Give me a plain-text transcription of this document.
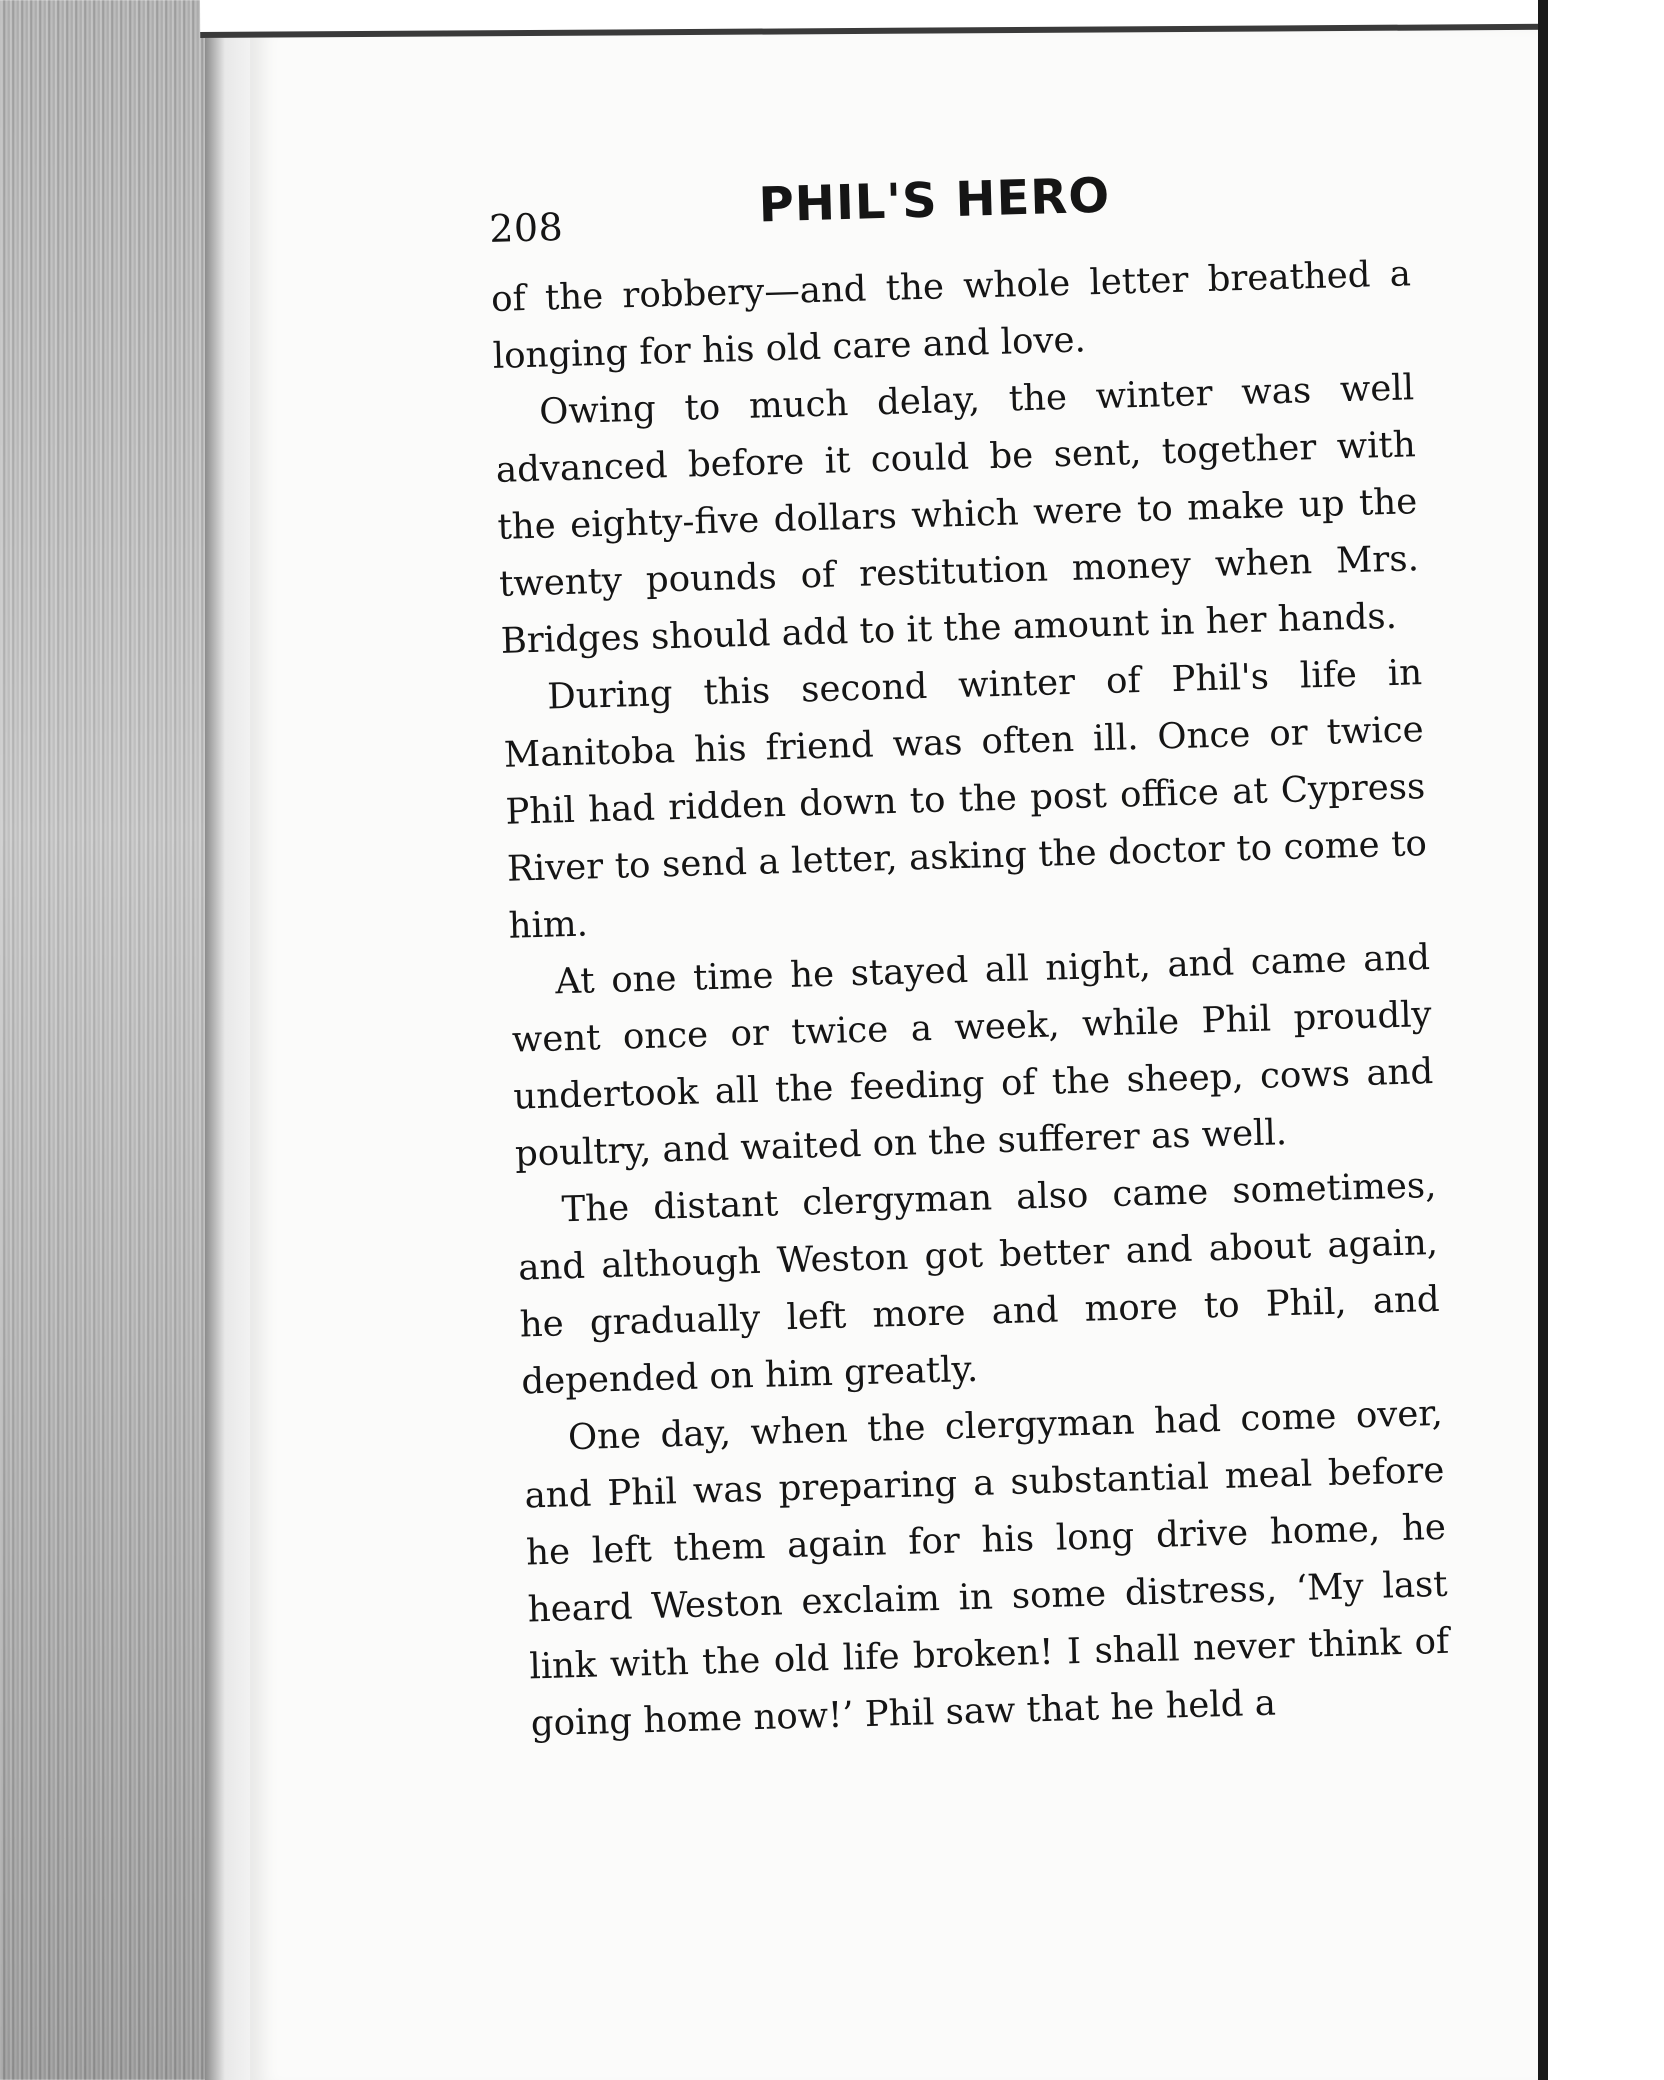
208	PHIL'S HERO

of the robbery—and the whole letter breathed a longing for his old care and love.

Owing to much delay, the winter was well advanced before it could be sent, together with the eighty-five dollars which were to make up the twenty pounds of restitution money when Mrs. Bridges should add to it the amount in her hands.

During this second winter of Phil's life in Manitoba his friend was often ill. Once or twice Phil had ridden down to the post office at Cypress River to send a letter, asking the doctor to come to him.

At one time he stayed all night, and came and went once or twice a week, while Phil proudly undertook all the feeding of the sheep, cows and poultry, and waited on the sufferer as well.

The distant clergyman also came sometimes, and although Weston got better and about again, he gradually left more and more to Phil, and depended on him greatly.

One day, when the clergyman had come over, and Phil was preparing a substantial meal before he left them again for his long drive home, he heard Weston exclaim in some distress, ‘My last link with the old life broken! I shall never think of going home now!’ Phil saw that he held a
